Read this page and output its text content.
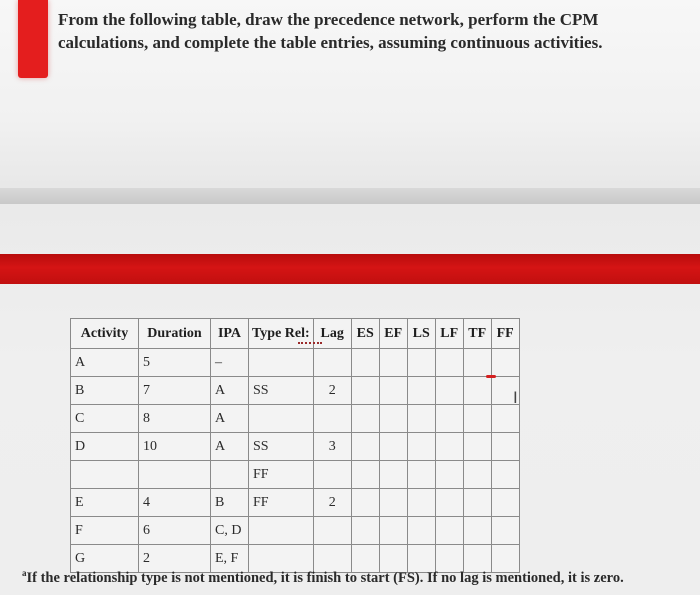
From the following table, draw the precedence network, perform the CPM calculations, and complete the table entries, assuming continuous activities.
Activity	Duration	IPA	Type Rel:	Lag	ES	EF	LS	LF	TF	FF
A	5	–								
B	7	A	SS	2						
C	8	A								
D	10	A	SS	3						
			FF							
E	4	B	FF	2						
F	6	C, D								
G	2	E, F								
I
$^a$If the relationship type is not mentioned, it is finish to start (FS). If no lag is mentioned, it is zero.
